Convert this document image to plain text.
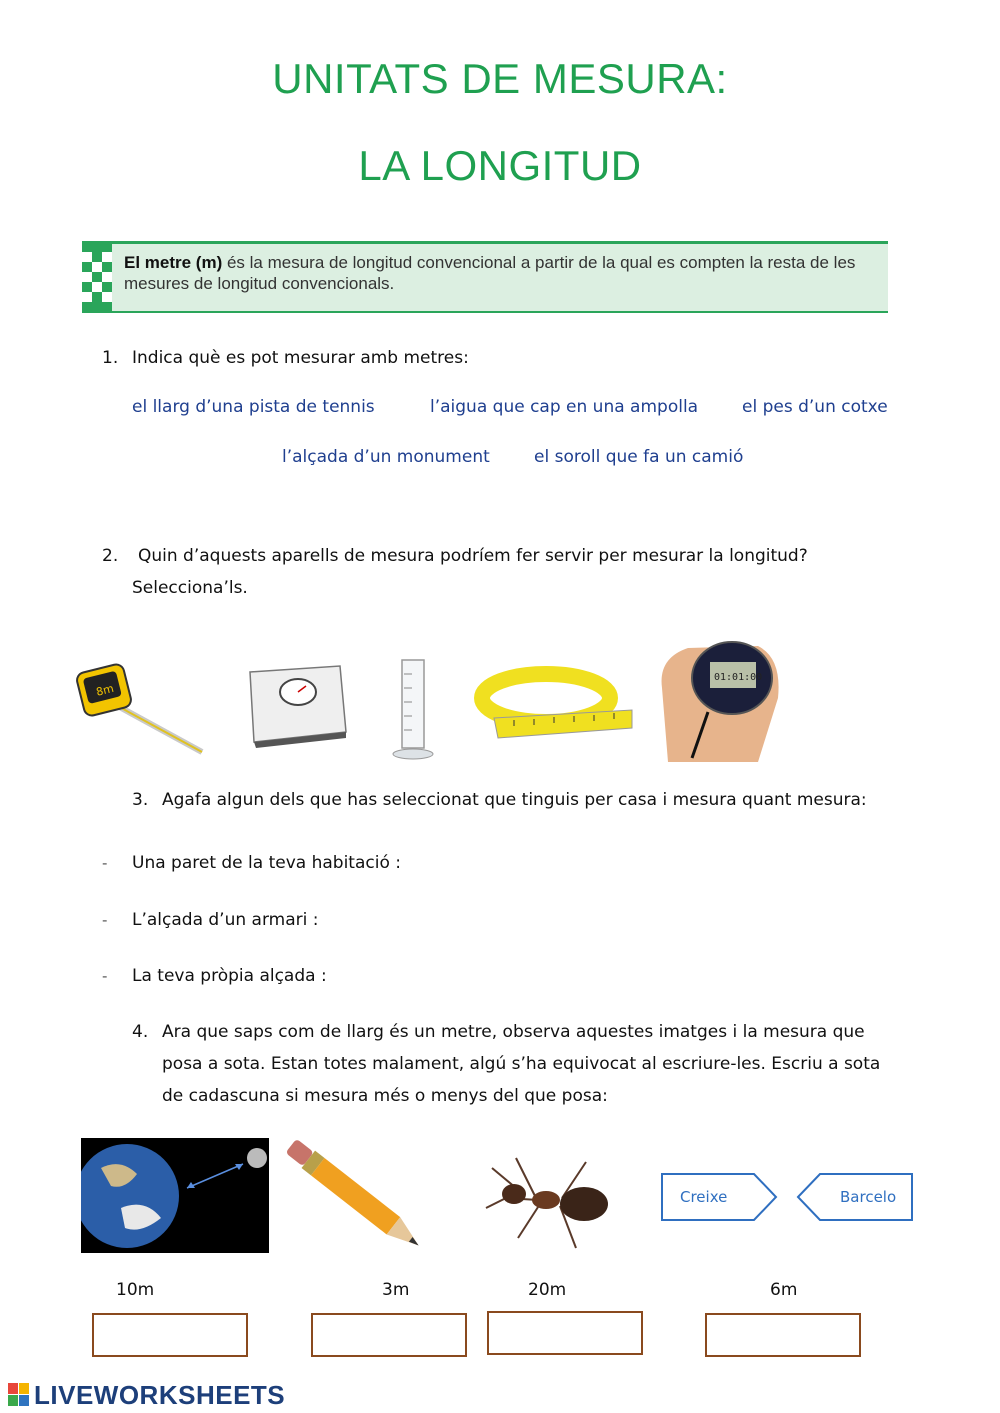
UNITATS DE MESURA:
LA LONGITUD
El metre (m) és la mesura de longitud convencional a partir de la qual es compten la resta de les mesures de longitud convencionals.
1. Indica què es pot mesurar amb metres:
el llarg d’una pista de tennis	l’aigua que cap en una ampolla	el pes d’un cotxe
l’alçada d’un monument	el soroll que fa un camió
2. Quin d’aquests aparells de mesura podríem fer servir per mesurar la longitud?
Selecciona’ls.
8m
01:01:00
3. Agafa algun dels que has seleccionat que tinguis per casa i mesura quant mesura:
- Una paret de la teva habitació :
- L’alçada d’un armari :
- La teva pròpia alçada :
4. Ara que saps com de llarg és un metre, observa aquestes imatges i la mesura que
posa a sota. Estan totes malament, algú s’ha equivocat al escriure-les. Escriu a sota
de cadascuna si mesura més o menys del que posa:
Creixe	Barcelo
10m	3m	20m	6m
LIVEWORKSHEETS
